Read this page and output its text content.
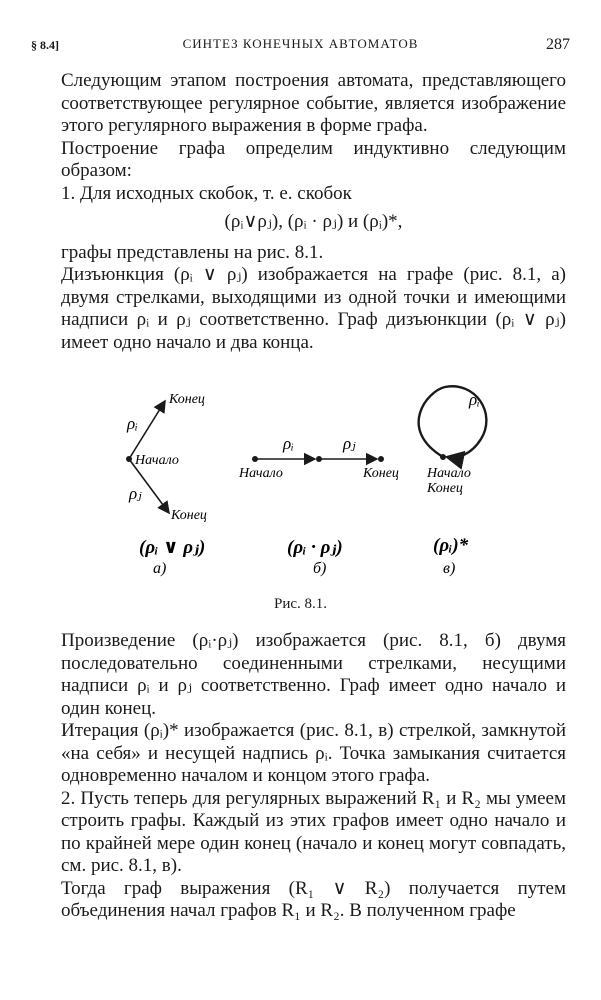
§ 8.4]	СИНТЕЗ КОНЕЧНЫХ АВТОМАТОВ	287
Следующим этапом построения автомата, представляющего соответствующее регулярное событие, является изображение этого регулярного выражения в форме графа.
Построение графа определим индуктивно следующим образом:
1. Для исходных скобок, т. е. скобок
(ρᵢ∨ρⱼ), (ρᵢ · ρⱼ) и (ρᵢ)*,
графы представлены на рис. 8.1.
Дизъюнкция (ρᵢ ∨ ρⱼ) изображается на графе (рис. 8.1, а) двумя стрелками, выходящими из одной точки и имеющими надписи ρᵢ и ρⱼ соответственно. Граф дизъюнкции (ρᵢ ∨ ρⱼ) имеет одно начало и два конца.
Конец
Начало
Конец
ρᵢ
ρⱼ
(ρᵢ ∨ ρⱼ)
а)
ρᵢ	ρⱼ
Начало	Конец
(ρᵢ · ρⱼ)
б)
ρᵢ
Начало
Конец
(ρᵢ)*
в)
Рис. 8.1.
Произведение (ρᵢ·ρⱼ) изображается (рис. 8.1, б) двумя последовательно соединенными стрелками, несущими надписи ρᵢ и ρⱼ соответственно. Граф имеет одно начало и один конец.
Итерация (ρᵢ)* изображается (рис. 8.1, в) стрелкой, замкнутой «на себя» и несущей надпись ρᵢ. Точка замыкания считается одновременно началом и концом этого графа.
2. Пусть теперь для регулярных выражений R₁ и R₂ мы умеем строить графы. Каждый из этих графов имеет одно начало и по крайней мере один конец (начало и конец могут совпадать, см. рис. 8.1, в).
Тогда граф выражения (R₁ ∨ R₂) получается путем объединения начал графов R₁ и R₂. В полученном графе
